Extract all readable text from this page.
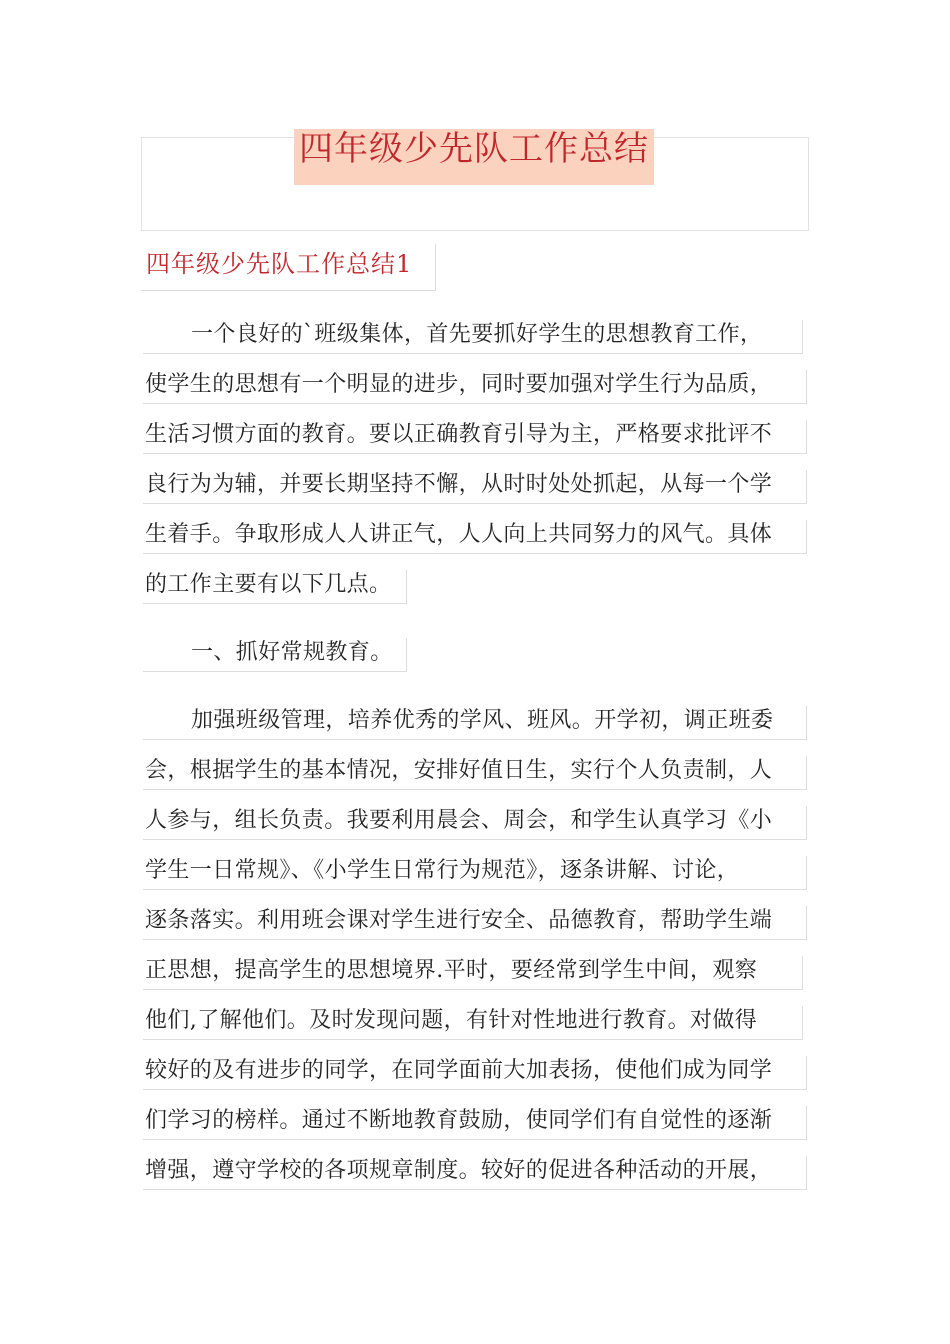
四年级少先队工作总结
四年级少先队工作总结1
一个良好的`班级集体，首先要抓好学生的思想教育工作，
使学生的思想有一个明显的进步，同时要加强对学生行为品质，
生活习惯方面的教育。要以正确教育引导为主，严格要求批评不
良行为为辅，并要长期坚持不懈，从时时处处抓起，从每一个学
生着手。争取形成人人讲正气，人人向上共同努力的风气。具体
的工作主要有以下几点。
一、抓好常规教育。
加强班级管理，培养优秀的学风、班风。开学初，调正班委
会，根据学生的基本情况，安排好值日生，实行个人负责制，人
人参与，组长负责。我要利用晨会、周会，和学生认真学习《小
学生一日常规》、《小学生日常行为规范》，逐条讲解、讨论，
逐条落实。利用班会课对学生进行安全、品德教育，帮助学生端
正思想，提高学生的思想境界.平时，要经常到学生中间，观察
他们,了解他们。及时发现问题，有针对性地进行教育。对做得
较好的及有进步的同学，在同学面前大加表扬，使他们成为同学
们学习的榜样。通过不断地教育鼓励，使同学们有自觉性的逐渐
增强，遵守学校的各项规章制度。较好的促进各种活动的开展，
